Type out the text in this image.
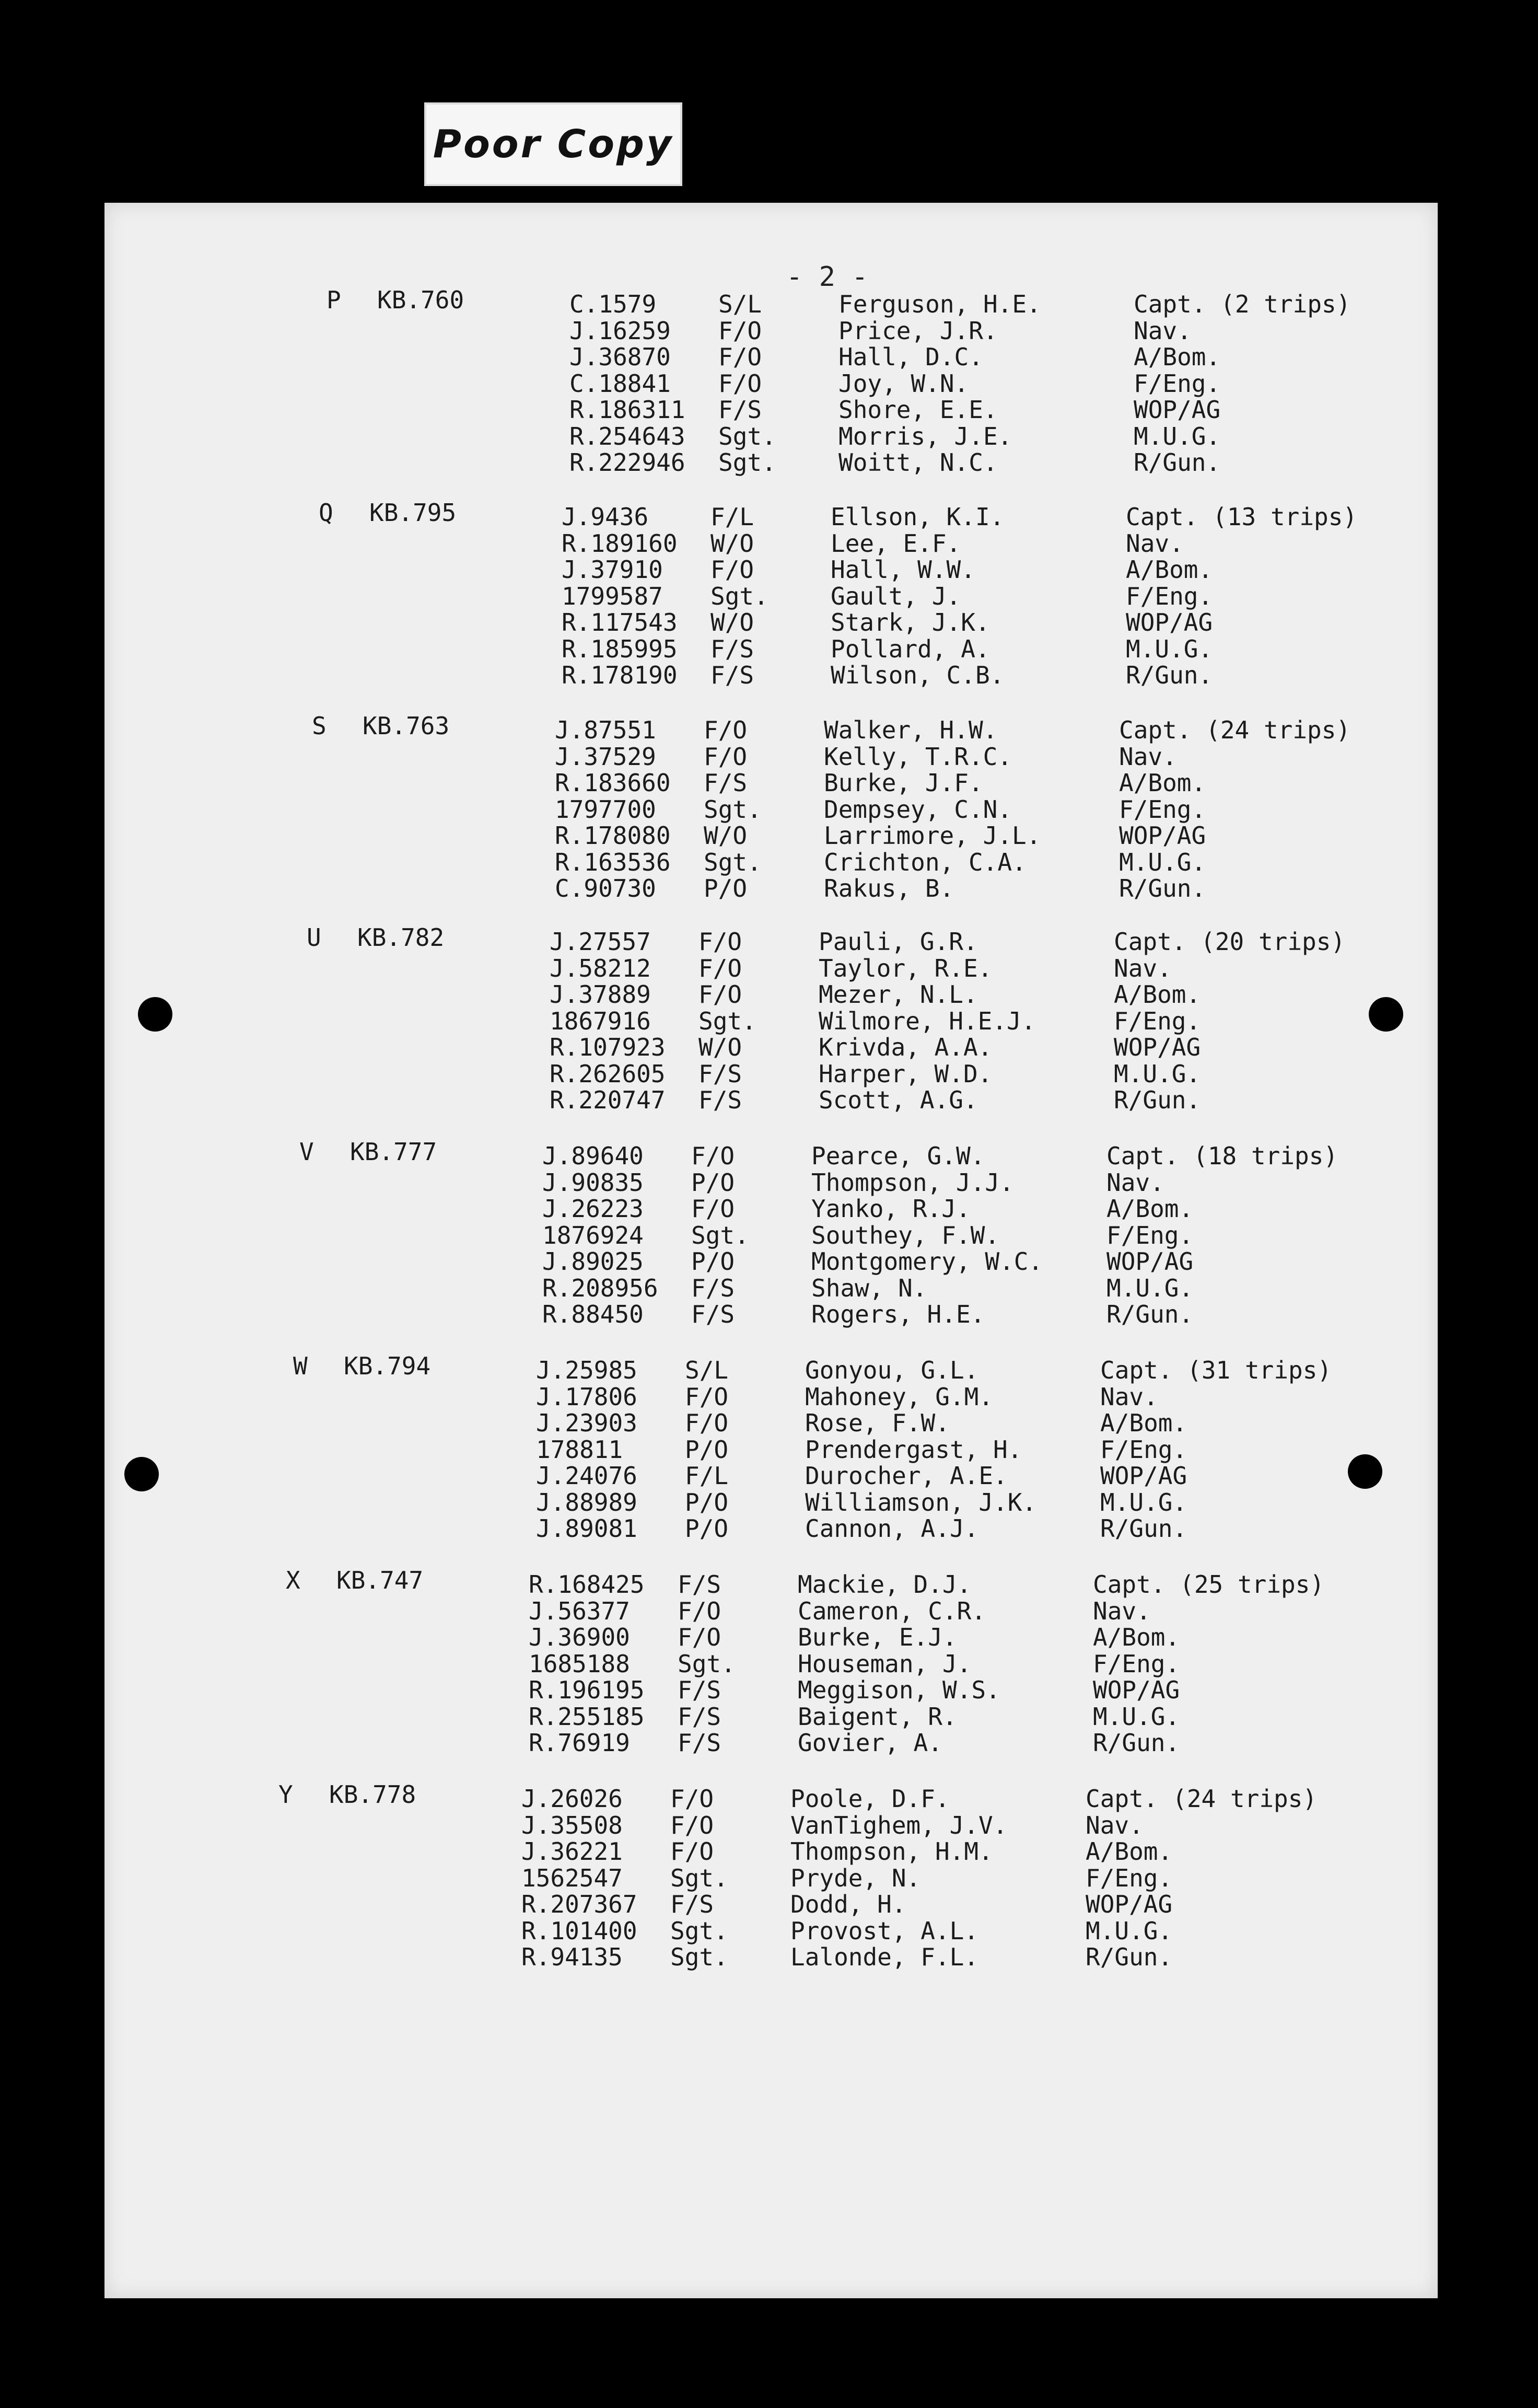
Poor Copy
- 2 -
P KB.760	C.1579	S/L	Ferguson, H.E.	Capt. (2 trips)
J.16259 F/O	Price, J.R.	Nav.
J.36870 F/O	Hall, D.C.	A/Bom.
C.18841 F/O	Joy, W.N.	F/Eng.
R.186311 F/S	Shore, E.E.	WOP/AG
R.254643 Sgt.	Morris, J.E.	M.U.G.
R.222946 Sgt.	Woitt, N.C.	R/Gun.
Q KB.795	J.9436	F/L	Ellson, K.I.	Capt. (13 trips)
R.189160 W/O	Lee, E.F.	Nav.
J.37910 F/O	Hall, W.W.	A/Bom.
1799587 Sgt.	Gault, J.	F/Eng.
R.117543 W/O	Stark, J.K.	WOP/AG
R.185995 F/S	Pollard, A.	M.U.G.
R.178190 F/S	Wilson, C.B.	R/Gun.
S KB.763	J.87551 F/O	Walker, H.W.	Capt. (24 trips)
J.37529 F/O	Kelly, T.R.C.	Nav.
R.183660 F/S	Burke, J.F.	A/Bom.
1797700 Sgt.	Dempsey, C.N.	F/Eng.
R.178080 W/O	Larrimore, J.L.	WOP/AG
R.163536 Sgt.	Crichton, C.A.	M.U.G.
C.90730 P/O	Rakus, B.	R/Gun.
U KB.782	J.27557 F/O	Pauli, G.R.	Capt. (20 trips)
J.58212 F/O	Taylor, R.E.	Nav.
J.37889 F/O	Mezer, N.L.	A/Bom.
1867916 Sgt.	Wilmore, H.E.J.	F/Eng.
R.107923 W/O	Krivda, A.A.	WOP/AG
R.262605 F/S	Harper, W.D.	M.U.G.
R.220747 F/S	Scott, A.G.	R/Gun.
V KB.777	J.89640 F/O	Pearce, G.W.	Capt. (18 trips)
J.90835 P/O	Thompson, J.J.	Nav.
J.26223 F/O	Yanko, R.J.	A/Bom.
1876924 Sgt.	Southey, F.W.	F/Eng.
J.89025 P/O	Montgomery, W.C.	WOP/AG
R.208956 F/S	Shaw, N.	M.U.G.
R.88450 F/S	Rogers, H.E.	R/Gun.
W KB.794	J.25985 S/L	Gonyou, G.L.	Capt. (31 trips)
J.17806 F/O	Mahoney, G.M.	Nav.
J.23903 F/O	Rose, F.W.	A/Bom.
178811	P/O	Prendergast, H.	F/Eng.
J.24076 F/L	Durocher, A.E.	WOP/AG
J.88989 P/O	Williamson, J.K.	M.U.G.
J.89081 P/O	Cannon, A.J.	R/Gun.
X KB.747	R.168425 F/S	Mackie, D.J.	Capt. (25 trips)
J.56377 F/O	Cameron, C.R.	Nav.
J.36900 F/O	Burke, E.J.	A/Bom.
1685188 Sgt.	Houseman, J.	F/Eng.
R.196195 F/S	Meggison, W.S.	WOP/AG
R.255185 F/S	Baigent, R.	M.U.G.
R.76919 F/S	Govier, A.	R/Gun.
Y KB.778	J.26026 F/O	Poole, D.F.	Capt. (24 trips)
J.35508 F/O	VanTighem, J.V.	Nav.
J.36221 F/O	Thompson, H.M.	A/Bom.
1562547 Sgt.	Pryde, N.	F/Eng.
R.207367 F/S	Dodd, H.	WOP/AG
R.101400 Sgt.	Provost, A.L.	M.U.G.
R.94135 Sgt.	Lalonde, F.L.	R/Gun.
